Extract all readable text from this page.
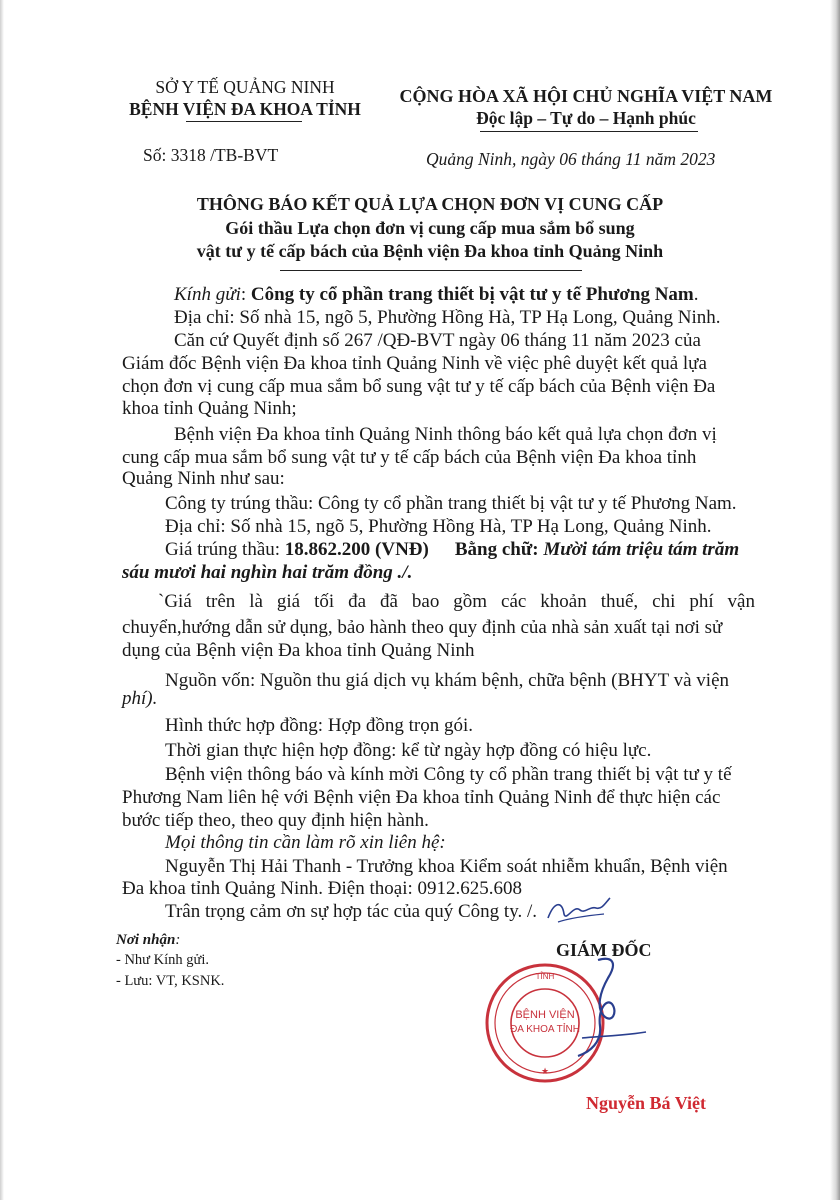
SỞ Y TẾ QUẢNG NINH
BỆNH VIỆN ĐA KHOA TỈNH
CỘNG HÒA XÃ HỘI CHỦ NGHĨA VIỆT NAM
Độc lập – Tự do – Hạnh phúc
Số: 3318 /TB-BVT	Quảng Ninh, ngày 06 tháng 11 năm 2023
THÔNG BÁO KẾT QUẢ LỰA CHỌN ĐƠN VỊ CUNG CẤP
Gói thầu Lựa chọn đơn vị cung cấp mua sắm bổ sung
vật tư y tế cấp bách của Bệnh viện Đa khoa tỉnh Quảng Ninh
Kính gửi: Công ty cổ phần trang thiết bị vật tư y tế Phương Nam.
Địa chỉ: Số nhà 15, ngõ 5, Phường Hồng Hà, TP Hạ Long, Quảng Ninh.
Căn cứ Quyết định số 267 /QĐ-BVT ngày 06 tháng 11 năm 2023 của
Giám đốc Bệnh viện Đa khoa tỉnh Quảng Ninh về việc phê duyệt kết quả lựa
chọn đơn vị cung cấp mua sắm bổ sung vật tư y tế cấp bách của Bệnh viện Đa
khoa tỉnh Quảng Ninh;
Bệnh viện Đa khoa tỉnh Quảng Ninh thông báo kết quả lựa chọn đơn vị
cung cấp mua sắm bổ sung vật tư y tế cấp bách của Bệnh viện Đa khoa tỉnh
Quảng Ninh như sau:
Công ty trúng thầu: Công ty cổ phần trang thiết bị vật tư y tế Phương Nam.
Địa chỉ: Số nhà 15, ngõ 5, Phường Hồng Hà, TP Hạ Long, Quảng Ninh.
Giá trúng thầu: 18.862.200 (VNĐ) Bằng chữ: Mười tám triệu tám trăm
sáu mươi hai nghìn hai trăm đồng ./.
`Giá trên là giá tối đa đã bao gồm các khoản thuế, chi phí vận
chuyển,hướng dẫn sử dụng, bảo hành theo quy định của nhà sản xuất tại nơi sử
dụng của Bệnh viện Đa khoa tỉnh Quảng Ninh
Nguồn vốn: Nguồn thu giá dịch vụ khám bệnh, chữa bệnh (BHYT và viện
phí).
Hình thức hợp đồng: Hợp đồng trọn gói.
Thời gian thực hiện hợp đồng: kể từ ngày hợp đồng có hiệu lực.
Bệnh viện thông báo và kính mời Công ty cổ phần trang thiết bị vật tư y tế
Phương Nam liên hệ với Bệnh viện Đa khoa tỉnh Quảng Ninh để thực hiện các
bước tiếp theo, theo quy định hiện hành.
Mọi thông tin cần làm rõ xin liên hệ:
Nguyễn Thị Hải Thanh - Trưởng khoa Kiểm soát nhiễm khuẩn, Bệnh viện
Đa khoa tỉnh Quảng Ninh. Điện thoại: 0912.625.608
Trân trọng cảm ơn sự hợp tác của quý Công ty. /.
Nơi nhận:
- Như Kính gửi.
- Lưu: VT, KSNK.
GIÁM ĐỐC
BỆNH VIỆN
ĐA KHOA TỈNH
TỈNH
★
Nguyễn Bá Việt
